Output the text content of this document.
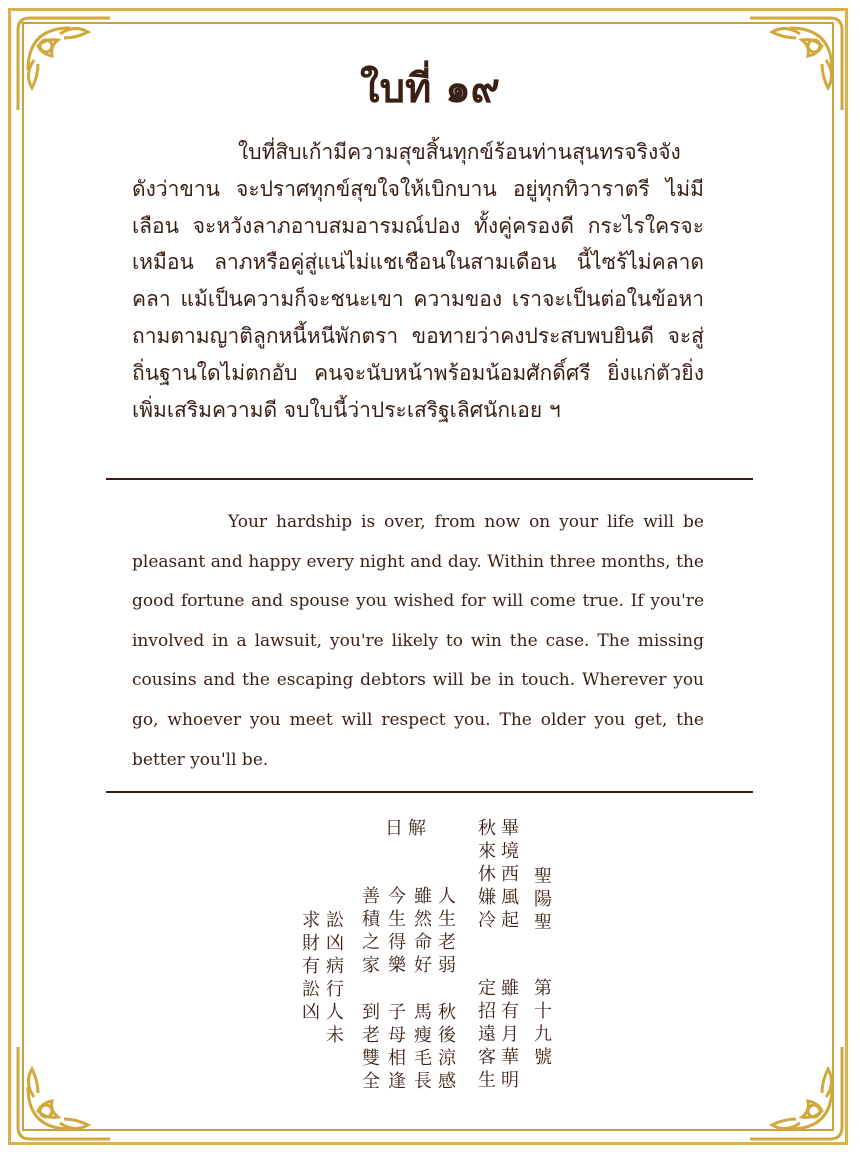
ใบที่ ๑๙
ใบที่สิบเก้ามีความสุขสิ้นทุกข์ร้อนท่านสุนทรจริงจัง ดังว่าขาน จะปราศทุกข์สุขใจให้เบิกบาน อยู่ทุกทิวาราตรี ไม่มีเลือน จะหวังลาภอาบสมอารมณ์ปอง ทั้งคู่ครองดี กระไรใครจะเหมือน ลาภหรือคู่สู่แน่ไม่แชเชือนในสามเดือน นี้ไซร้ไม่คลาดคลา แม้เป็นความก็จะชนะเขา ความของ เราจะเป็นต่อในข้อหา ถามตามญาติลูกหนี้หนีพักตรา ขอทายว่าคงประสบพบยินดี จะสู่ถิ่นฐานใดไม่ตกอับ คนจะนับหน้าพร้อมน้อมศักดิ์ศรี ยิ่งแก่ตัวยิ่งเพิ่มเสริมความดี จบใบนี้ว่าประเสริฐเลิศนักเอย ฯ
Your hardship is over, from now on your life will be pleasant and happy every night and day. Within three months, the good fortune and spouse you wished for will come true. If you're involved in a lawsuit, you're likely to win the case. The missing cousins and the escaping debtors will be in touch. Wherever you go, whoever you meet will respect you. The older you get, the better you'll be.
聖陽聖
第十九號
畢境西風起
雖有月華明
秋來休嫌冷
定招遠客生
日 解
人生老弱
秋後涼感
雖然命好
馬瘦毛長
今生得樂
子母相逢
善積之家
到老雙全
訟凶病行人未
求財有訟凶
